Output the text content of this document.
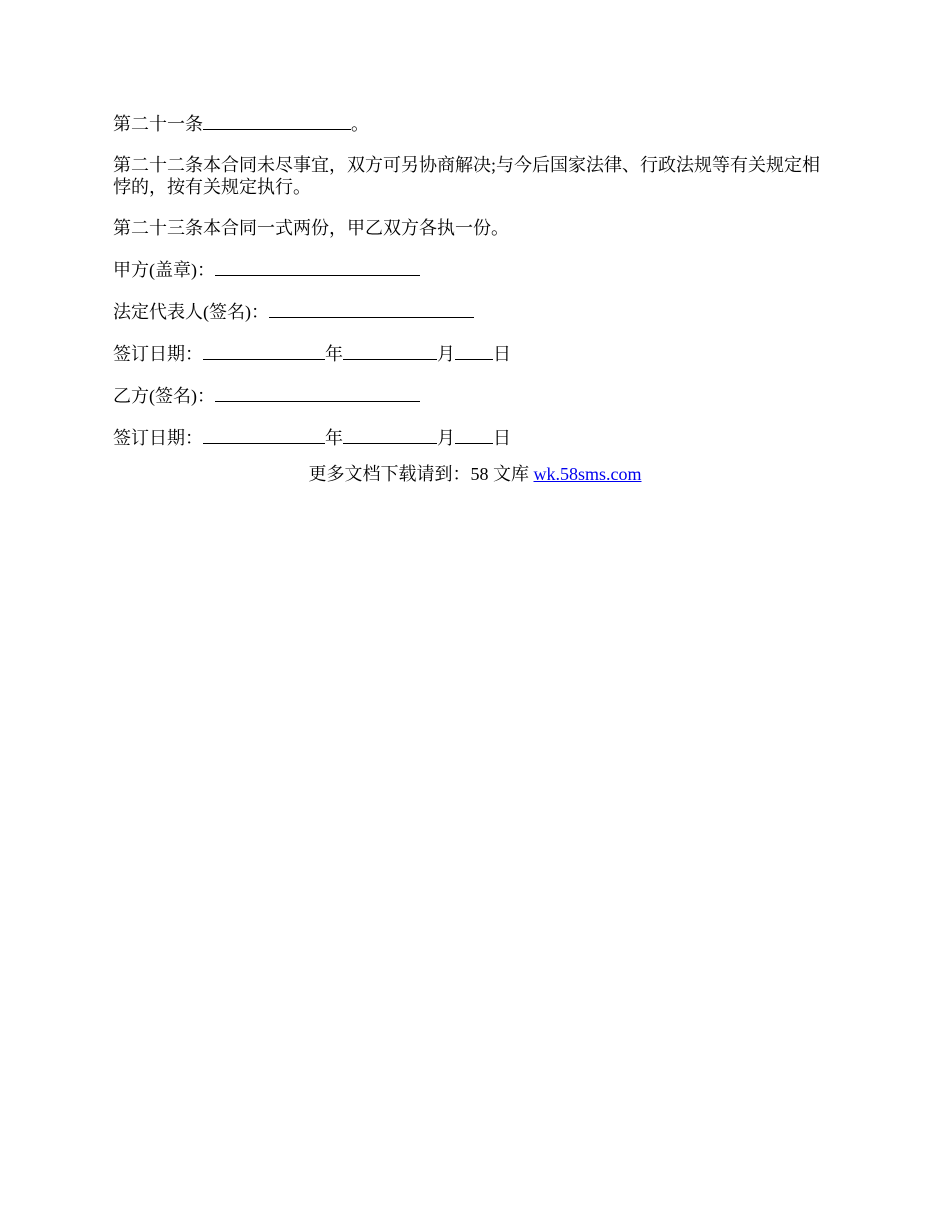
第二十一条	。

第二十二条本合同未尽事宜，双方可另协商解决;与今后国家法律、行政法规等有关规定相悖的，按有关规定执行。

第二十三条本合同一式两份，甲乙双方各执一份。

甲方(盖章)：

法定代表人(签名)：

签订日期：	年	月 日

乙方(签名)：

签订日期：	年	月 日

更多文档下载请到：58 文库 wk.58sms.com
